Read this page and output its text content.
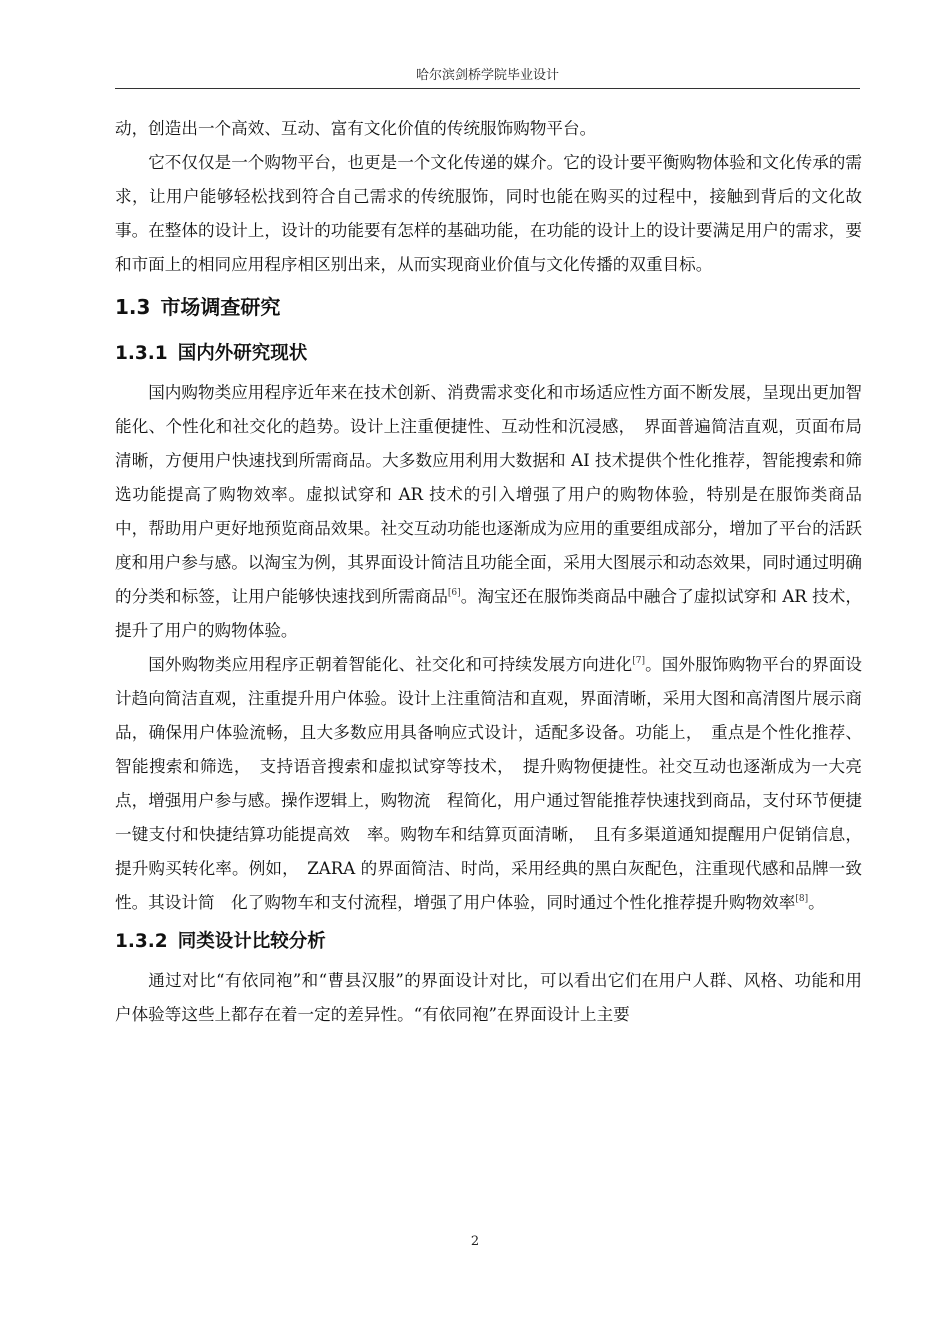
哈尔滨剑桥学院毕业设计

动，创造出一个高效、互动、富有文化价值的传统服饰购物平台。

它不仅仅是一个购物平台，也更是一个文化传递的媒介。它的设计要平衡购物体验和文化传承的需求，让用户能够轻松找到符合自己需求的传统服饰，同时也能在购买的过程中，接触到背后的文化故事。在整体的设计上，设计的功能要有怎样的基础功能，在功能的设计上的设计要满足用户的需求，要和市面上的相同应用程序相区别出来，从而实现商业价值与文化传播的双重目标。

1.3 市场调查研究
1.3.1 国内外研究现状

国内购物类应用程序近年来在技术创新、消费需求变化和市场适应性方面不断发展，呈现出更加智能化、个性化和社交化的趋势。设计上注重便捷性、互动性和沉浸感，　界面普遍简洁直观，页面布局清晰，方便用户快速找到所需商品。大多数应用利用大数据和 AI 技术提供个性化推荐，智能搜索和筛选功能提高了购物效率。虚拟试穿和 AR 技术的引入增强了用户的购物体验，特别是在服饰类商品中，帮助用户更好地预览商品效果。社交互动功能也逐渐成为应用的重要组成部分，增加了平台的活跃度和用户参与感。以淘宝为例，其界面设计简洁且功能全面，采用大图展示和动态效果，同时通过明确的分类和标签，让用户能够快速找到所需商品[6]。淘宝还在服饰类商品中融合了虚拟试穿和 AR 技术，提升了用户的购物体验。

国外购物类应用程序正朝着智能化、社交化和可持续发展方向进化[7]。国外服饰购物平台的界面设计趋向简洁直观，注重提升用户体验。设计上注重简洁和直观，界面清晰，采用大图和高清图片展示商品，确保用户体验流畅，且大多数应用具备响应式设计，适配多设备。功能上，　重点是个性化推荐、智能搜索和筛选，　支持语音搜索和虚拟试穿等技术，　提升购物便捷性。社交互动也逐渐成为一大亮点，增强用户参与感。操作逻辑上，购物流　程简化，用户通过智能推荐快速找到商品，支付环节便捷一键支付和快捷结算功能提高效　率。购物车和结算页面清晰，　且有多渠道通知提醒用户促销信息，提升购买转化率。例如，　ZARA 的界面简洁、时尚，采用经典的黑白灰配色，注重现代感和品牌一致性。其设计简　化了购物车和支付流程，增强了用户体验，同时通过个性化推荐提升购物效率[8]。

1.3.2 同类设计比较分析

通过对比“有依同袍”和“曹县汉服”的界面设计对比，可以看出它们在用户人群、风格、功能和用户体验等这些上都存在着一定的差异性。“有依同袍”在界面设计上主要

2
